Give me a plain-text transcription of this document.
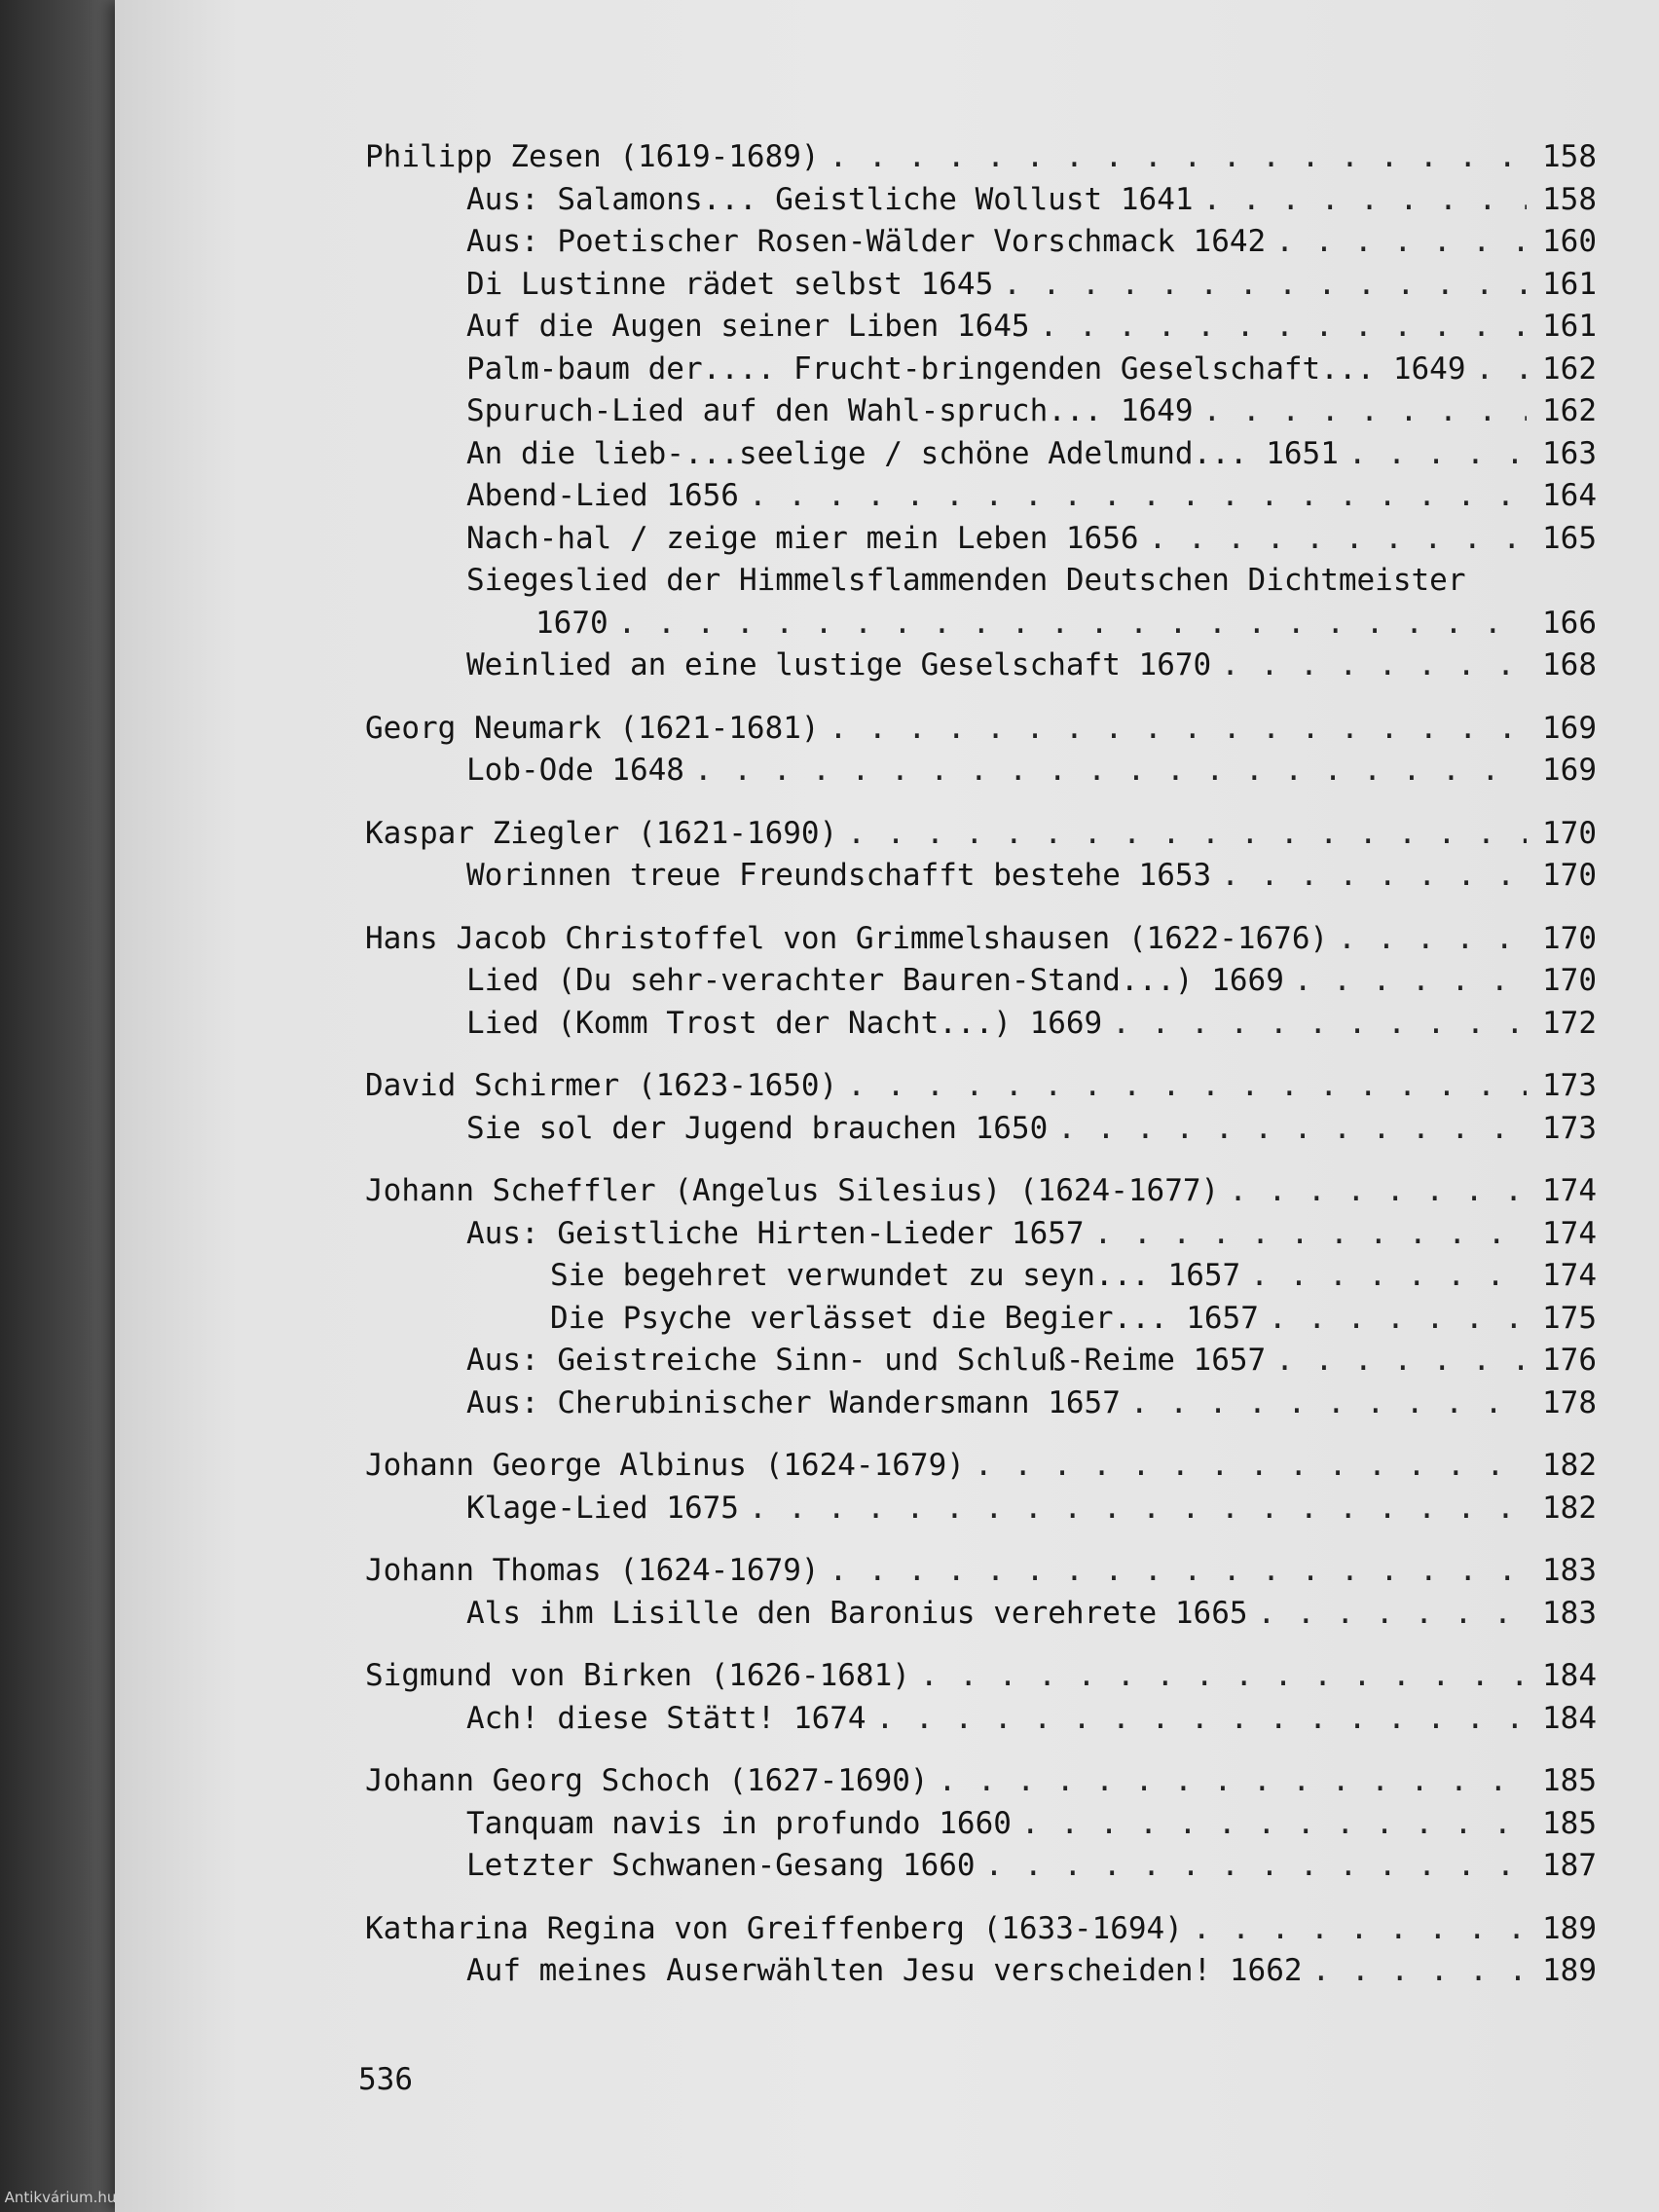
Philipp Zesen (1619-1689) . . .	158
Aus: Salamons... Geistliche Wollust 1641 . . .	158
Aus: Poetischer Rosen-Wälder Vorschmack 1642 . . .	160
Di Lustinne rädet selbst 1645 . . .	161
Auf die Augen seiner Liben 1645 . . .	161
Palm-baum der.... Frucht-bringenden Geselschaft... 1649 . . .	162
Spuruch-Lied auf den Wahl-spruch... 1649 . . .	162
An die lieb-...seelige / schöne Adelmund... 1651 . . .	163
Abend-Lied 1656 . . .	164
Nach-hal / zeige mier mein Leben 1656 . . .	165
Siegeslied der Himmelsflammenden Deutschen Dichtmeister
1670 . . .	166
Weinlied an eine lustige Geselschaft 1670 . . .	168
Georg Neumark (1621-1681) . . .	169
Lob-Ode 1648 . . .	169
Kaspar Ziegler (1621-1690) . . .	170
Worinnen treue Freundschafft bestehe 1653 . . .	170
Hans Jacob Christoffel von Grimmelshausen (1622-1676) . . .	170
Lied (Du sehr-verachter Bauren-Stand...) 1669 . . .	170
Lied (Komm Trost der Nacht...) 1669 . . .	172
David Schirmer (1623-1650) . . .	173
Sie sol der Jugend brauchen 1650 . . .	173
Johann Scheffler (Angelus Silesius) (1624-1677) . . .	174
Aus: Geistliche Hirten-Lieder 1657 . . .	174
Sie begehret verwundet zu seyn... 1657 . . .	174
Die Psyche verlässet die Begier... 1657 . . .	175
Aus: Geistreiche Sinn- und Schluß-Reime 1657 . . .	176
Aus: Cherubinischer Wandersmann 1657 . . .	178
Johann George Albinus (1624-1679) . . .	182
Klage-Lied 1675 . . .	182
Johann Thomas (1624-1679) . . .	183
Als ihm Lisille den Baronius verehrete 1665 . . .	183
Sigmund von Birken (1626-1681) . . .	184
Ach! diese Stätt! 1674 . . .	184
Johann Georg Schoch (1627-1690) . . .	185
Tanquam navis in profundo 1660 . . .	185
Letzter Schwanen-Gesang 1660 . . .	187
Katharina Regina von Greiffenberg (1633-1694) . . .	189
Auf meines Auserwählten Jesu verscheiden! 1662 . . .	189
536
Antikvárium.hu
